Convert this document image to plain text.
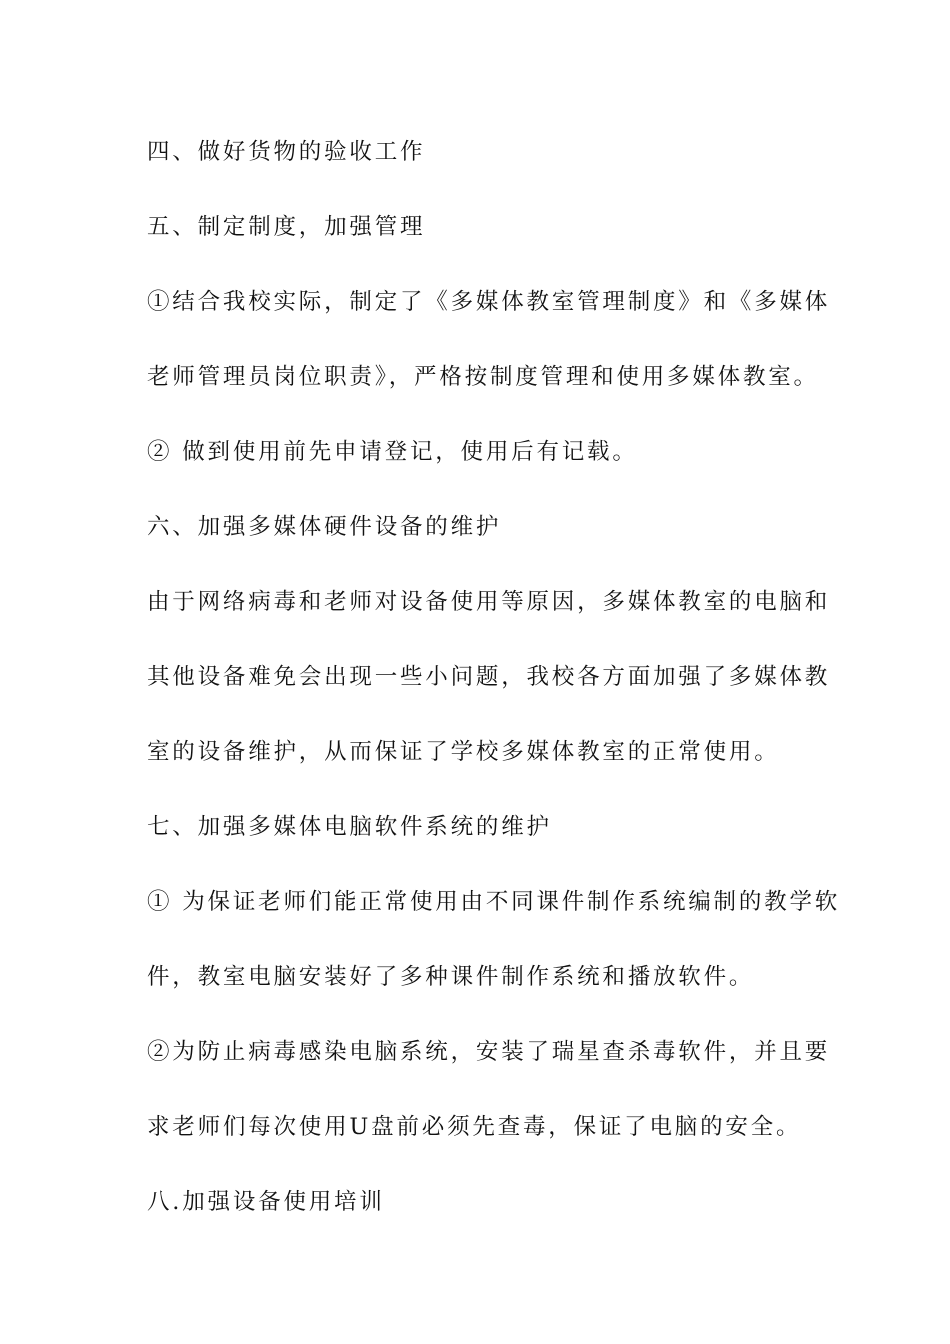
四、做好货物的验收工作
五、制定制度，加强管理
①结合我校实际，制定了《多媒体教室管理制度》和《多媒体
老师管理员岗位职责》，严格按制度管理和使用多媒体教室。
② 做到使用前先申请登记，使用后有记载。
六、加强多媒体硬件设备的维护
由于网络病毒和老师对设备使用等原因，多媒体教室的电脑和
其他设备难免会出现一些小问题，我校各方面加强了多媒体教
室的设备维护，从而保证了学校多媒体教室的正常使用。
七、加强多媒体电脑软件系统的维护
① 为保证老师们能正常使用由不同课件制作系统编制的教学软
件，教室电脑安装好了多种课件制作系统和播放软件。
②为防止病毒感染电脑系统，安装了瑞星查杀毒软件，并且要
求老师们每次使用U盘前必须先查毒，保证了电脑的安全。
八.加强设备使用培训
